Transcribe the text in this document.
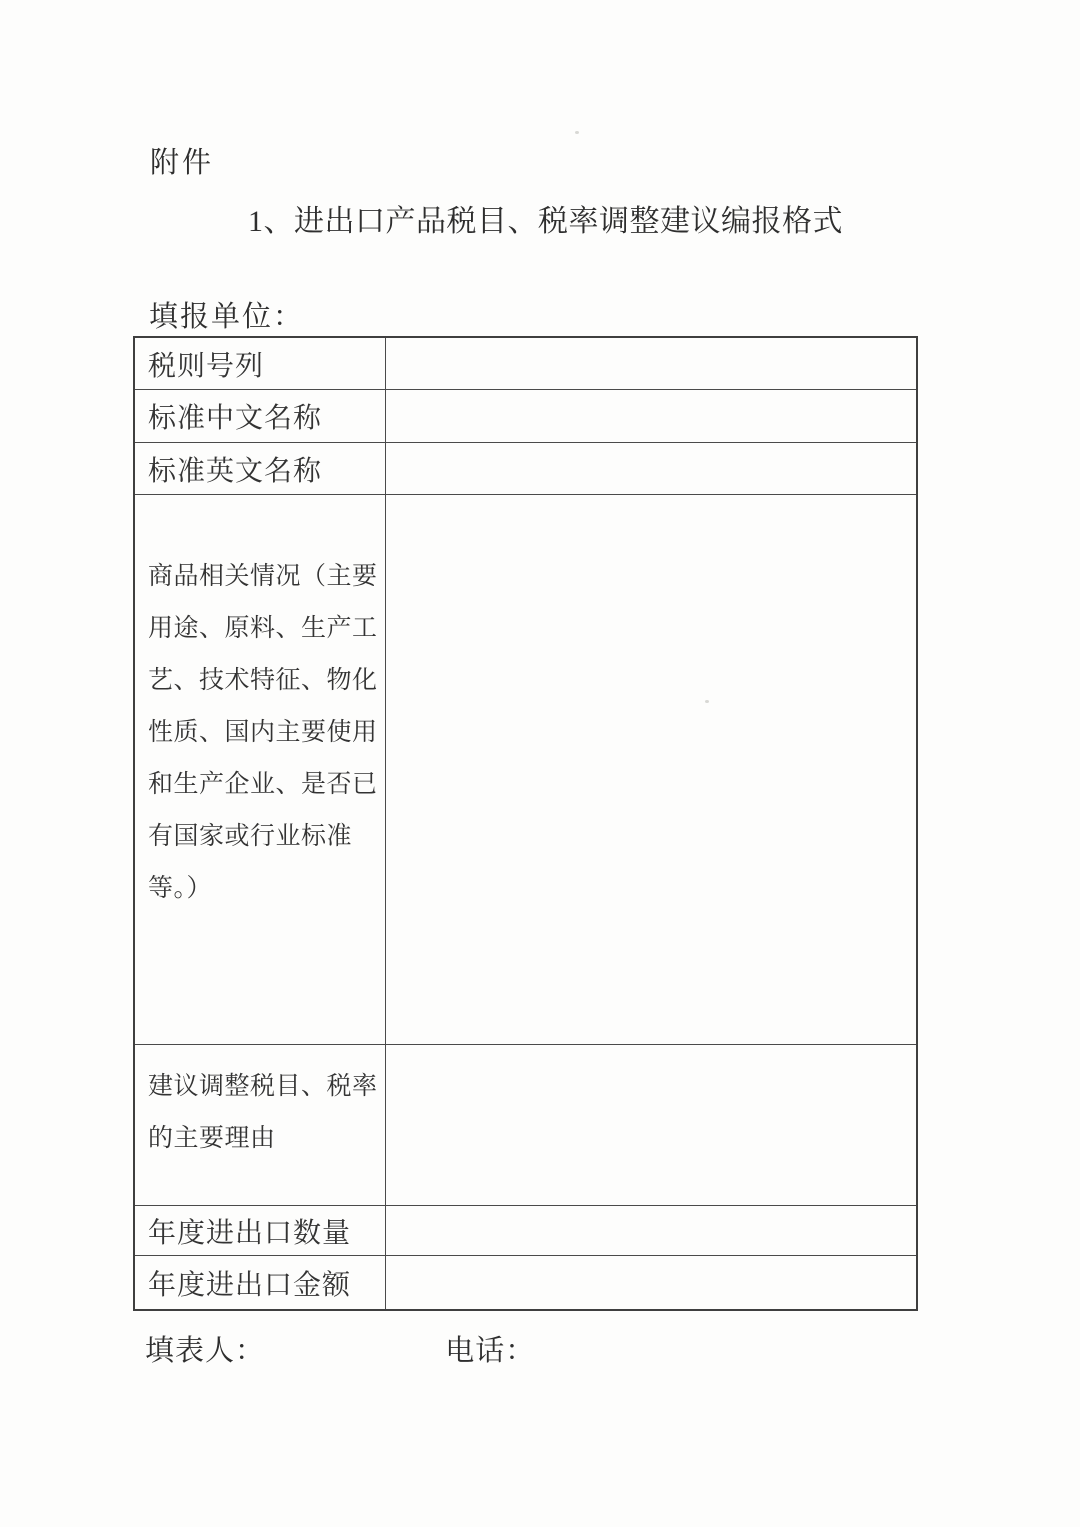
附件
1、进出口产品税目、税率调整建议编报格式
填报单位：
税则号列
标准中文名称
标准英文名称
商品相关情况（主要用途、原料、生产工艺、技术特征、物化性质、国内主要使用和生产企业、是否已有国家或行业标准等。）
建议调整税目、税率的主要理由
年度进出口数量
年度进出口金额
填表人：	电话：
